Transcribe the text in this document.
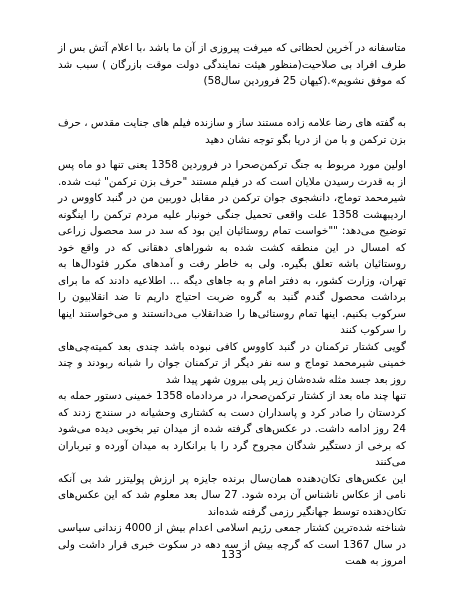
متاسفانه در آخرین لحظاتی که میرفت پیروزی از آن ما باشد ،با اعلام آتش بس از طرف افراد بی صلاحیت(منظور هیئت نمایندگی دولت موقت بازرگان ) سبب شد که موفق نشویم».(کیهان 25 فروردین سال58)
به گفته های رضا علامه زاده مستند ساز و سازنده فیلم های جنایت مقدس ، حرف بزن ترکمن و با من از دریا بگو توجه نشان دهید
اولین مورد مربوط به جنگ ترکمن‌صحرا در فروردین 1358 یعنی تنها دو ماه پس از به قدرت رسیدن ملایان است که در فیلم مستند "حرف بزن ترکمن" ثبت شده. شیرمحمد توماج، دانشجوی جوان ترکمن در مقابل دوربین من در گنبد کاووس در اردیبهشت 1358 علت واقعی تحمیل جنگی خونبار علیه مردم ترکمن را اینگونه توضیح می‌دهد: ""خواست تمام روستائیان این بود که سد در سد محصول زراعی که امسال در این منطقه کشت شده به شوراهای دهقانی که در واقع خود روستائیان باشه تعلق بگیره. ولی به خاطر رفت و آمدهای مکرر فئودال‌ها به تهران، وزارت کشور، به دفتر امام و به جاهای دیگه ... اطلاعیه دادند که ما برای برداشت محصول گندم گنبد به گروه ضربت احتیاج داریم تا ضد انقلابیون را سرکوب بکنیم. اینها تمام روستائی‌ها را ضدانقلاب می‌دانستند و می‌خواستند اینها را سرکوب کنند
گویی کشتار ترکمنان در گنبد کاووس کافی نبوده باشد چندی بعد کمیته‌چی‌های خمینی شیرمحمد توماج و سه نفر دیگر از ترکمنان جوان را شبانه ربودند و چند روز بعد جسد مثله شده‌شان زیر پلی بیرون شهر پیدا شد
تنها چند ماه بعد از کشتار ترکمن‌صحرا، در مردادماه 1358 خمینی دستور حمله به کردستان را صادر کرد و پاسداران دست به کشتاری وحشیانه در سنندج زدند که 24 روز ادامه داشت. در عکس‌های گرفته شده از میدان تیر بخوبی دیده می‌شود که برخی از دستگیر شدگان مجروح گرد را با برانکارد به میدان آورده و تیرباران می‌کنند
این عکس‌های تکان‌دهنده همان‌سال برنده جایزه پر ارزش پولیتزر شد بی آنکه نامی از عکاس ناشناس آن برده شود. 27 سال بعد معلوم شد که این عکس‌های تکان‌دهنده توسط جهانگیر رزمی گرفته شده‌اند
شناخته شده‌ترین کشتار جمعی رژیم اسلامی اعدام بیش از 4000 زندانی سیاسی در سال 1367 است که گرچه بیش از سه دهه در سکوت خبری قرار داشت ولی امروز به همت
133
